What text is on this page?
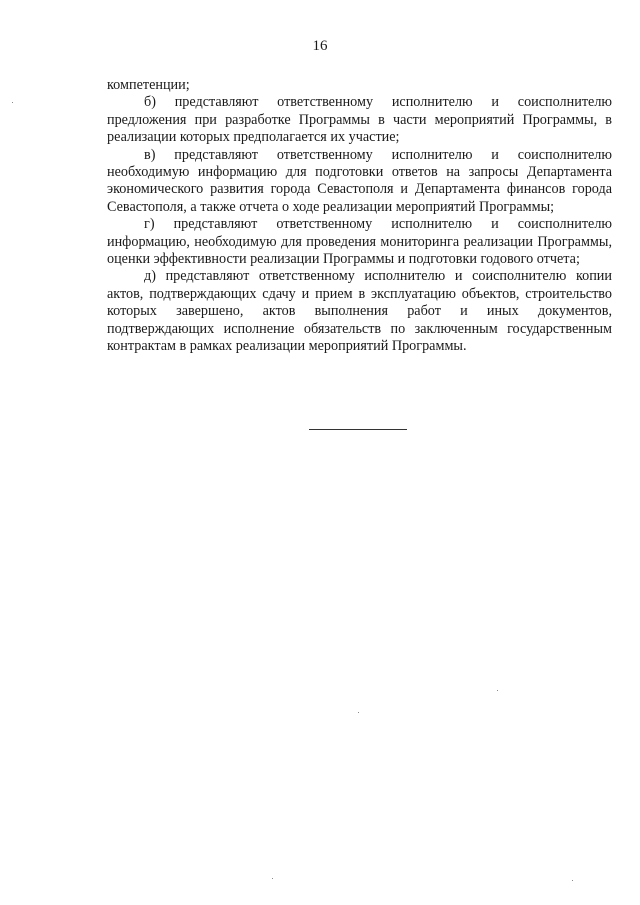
16

компетенции;

б) представляют ответственному исполнителю и соисполнителю предложения при разработке Программы в части мероприятий Программы, в реализации которых предполагается их участие;

в) представляют ответственному исполнителю и соисполнителю необходимую информацию для подготовки ответов на запросы Департамента экономического развития города Севастополя и Департамента финансов города Севастополя, а также отчета о ходе реализации мероприятий Программы;

г) представляют ответственному исполнителю и соисполнителю информацию, необходимую для проведения мониторинга реализации Программы, оценки эффективности реализации Программы и подготовки годового отчета;

д) представляют ответственному исполнителю и соисполнителю копии актов, подтверждающих сдачу и прием в эксплуатацию объектов, строительство которых завершено, актов выполнения работ и иных документов, подтверждающих исполнение обязательств по заключенным государственным контрактам в рамках реализации мероприятий Программы.
